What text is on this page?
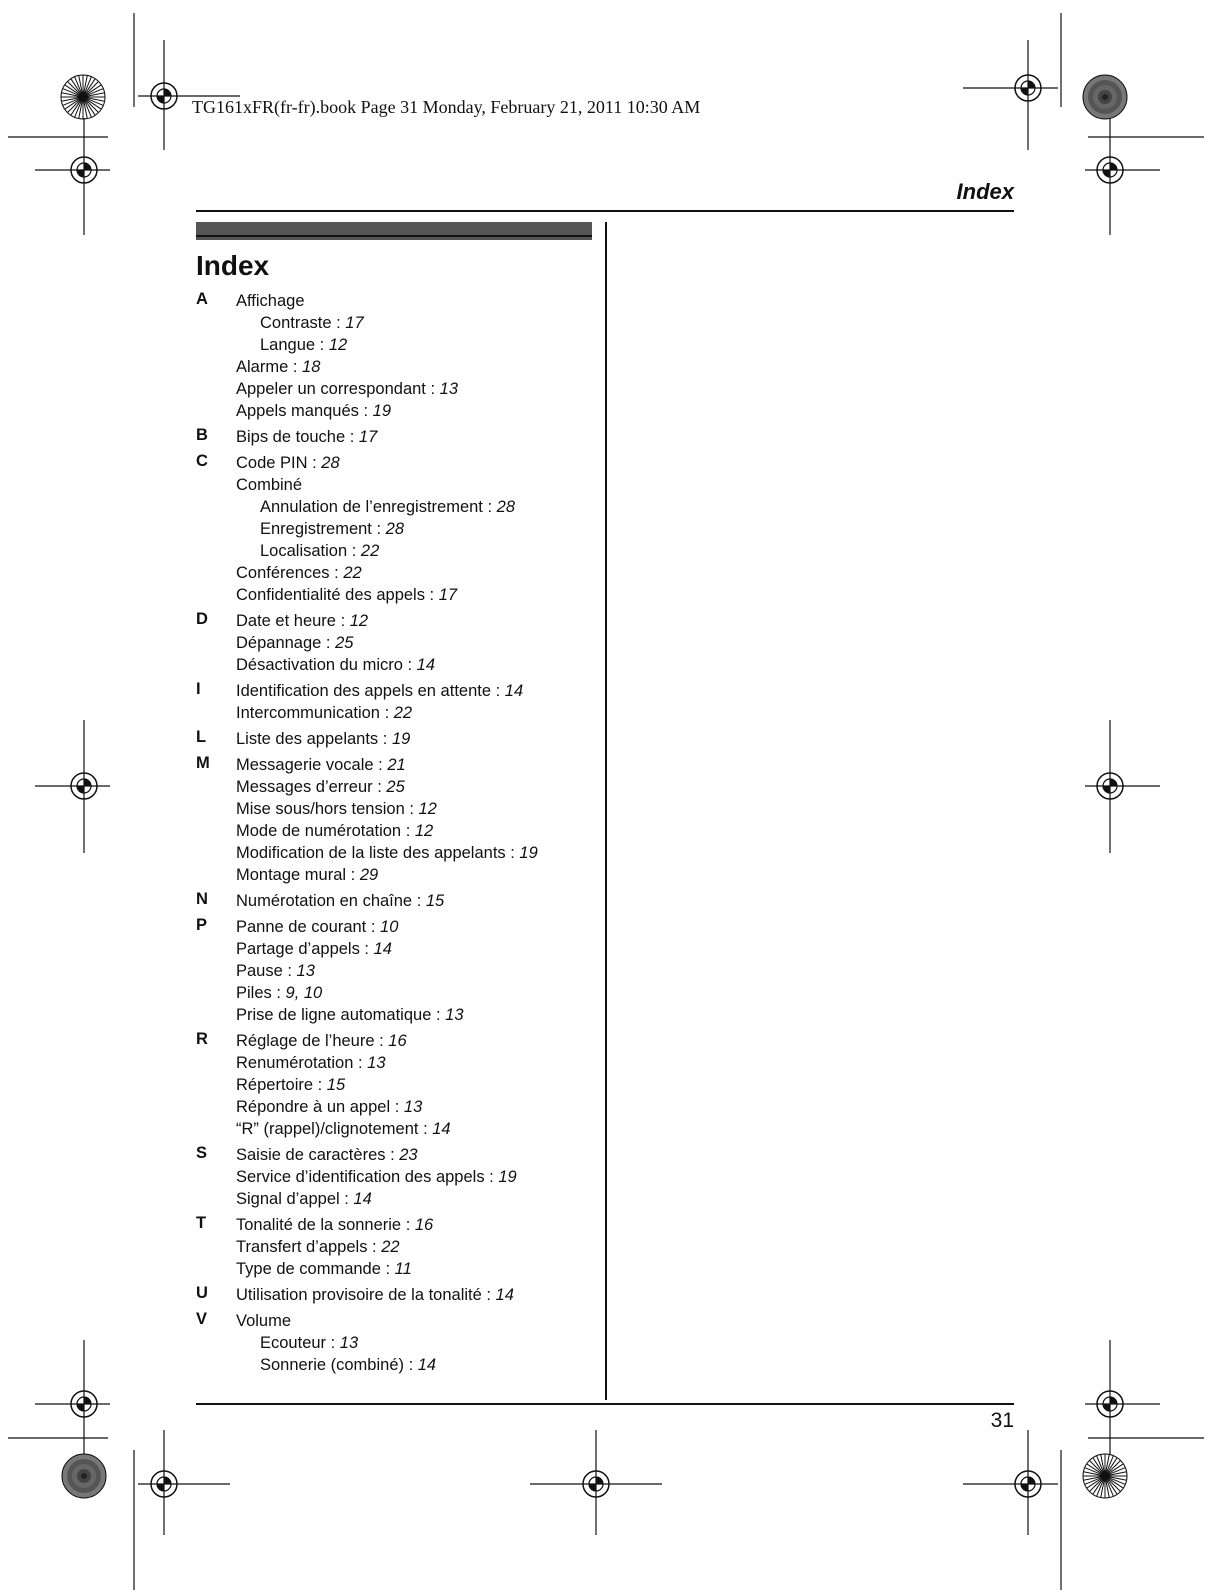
TG161xFR(fr-fr).book Page 31 Monday, February 21, 2011 10:30 AM
Index
Index
A Affichage
Contraste : 17
Langue : 12
Alarme : 18
Appeler un correspondant : 13
Appels manqués : 19
B Bips de touche : 17
C Code PIN : 28
Combiné
Annulation de l’enregistrement : 28
Enregistrement : 28
Localisation : 22
Conférences : 22
Confidentialité des appels : 17
D Date et heure : 12
Dépannage : 25
Désactivation du micro : 14
I Identification des appels en attente : 14
Intercommunication : 22
L Liste des appelants : 19
M Messagerie vocale : 21
Messages d’erreur : 25
Mise sous/hors tension : 12
Mode de numérotation : 12
Modification de la liste des appelants : 19
Montage mural : 29
N Numérotation en chaîne : 15
P Panne de courant : 10
Partage d’appels : 14
Pause : 13
Piles : 9, 10
Prise de ligne automatique : 13
R Réglage de l’heure : 16
Renumérotation : 13
Répertoire : 15
Répondre à un appel : 13
“R” (rappel)/clignotement : 14
S Saisie de caractères : 23
Service d’identification des appels : 19
Signal d’appel : 14
T Tonalité de la sonnerie : 16
Transfert d’appels : 22
Type de commande : 11
U Utilisation provisoire de la tonalité : 14
V Volume
Ecouteur : 13
Sonnerie (combiné) : 14
31
